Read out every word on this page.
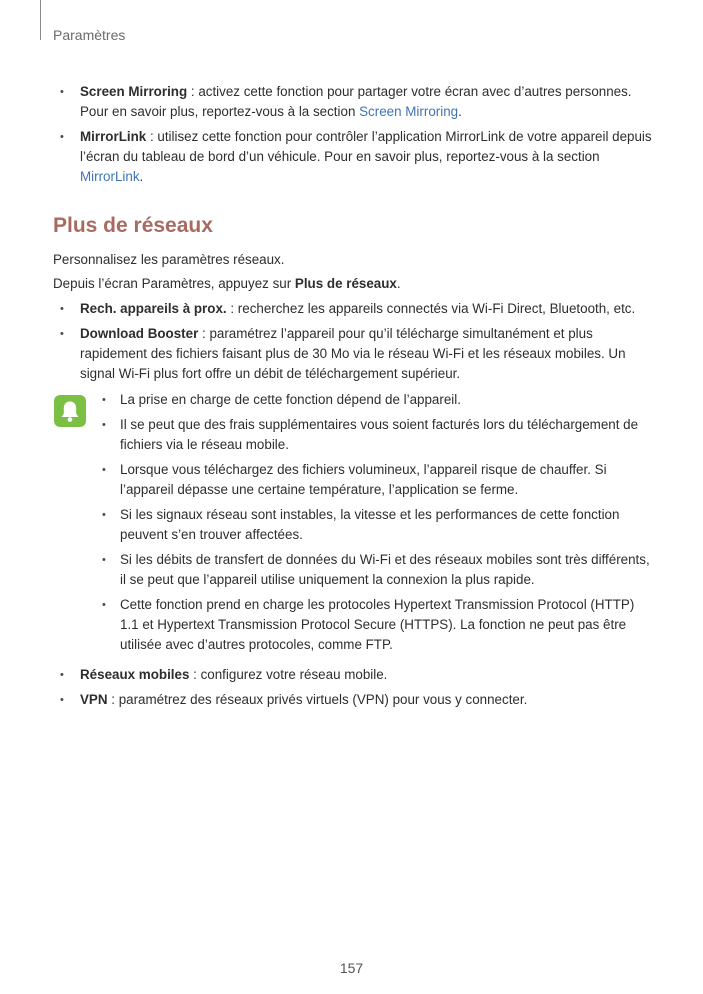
Paramètres
• Screen Mirroring : activez cette fonction pour partager votre écran avec d’autres personnes. Pour en savoir plus, reportez-vous à la section Screen Mirroring.
• MirrorLink : utilisez cette fonction pour contrôler l’application MirrorLink de votre appareil depuis l’écran du tableau de bord d’un véhicule. Pour en savoir plus, reportez-vous à la section MirrorLink.
Plus de réseaux

Personnalisez les paramètres réseaux.

Depuis l’écran Paramètres, appuyez sur Plus de réseaux.

• Rech. appareils à prox. : recherchez les appareils connectés via Wi-Fi Direct, Bluetooth, etc.
• Download Booster : paramétrez l’appareil pour qu’il télécharge simultanément et plus rapidement des fichiers faisant plus de 30 Mo via le réseau Wi-Fi et les réseaux mobiles. Un signal Wi-Fi plus fort offre un débit de téléchargement supérieur.
• La prise en charge de cette fonction dépend de l’appareil.
• Il se peut que des frais supplémentaires vous soient facturés lors du téléchargement de fichiers via le réseau mobile.
• Lorsque vous téléchargez des fichiers volumineux, l’appareil risque de chauffer. Si l’appareil dépasse une certaine température, l’application se ferme.
• Si les signaux réseau sont instables, la vitesse et les performances de cette fonction peuvent s’en trouver affectées.
• Si les débits de transfert de données du Wi-Fi et des réseaux mobiles sont très différents, il se peut que l’appareil utilise uniquement la connexion la plus rapide.
• Cette fonction prend en charge les protocoles Hypertext Transmission Protocol (HTTP) 1.1 et Hypertext Transmission Protocol Secure (HTTPS). La fonction ne peut pas être utilisée avec d’autres protocoles, comme FTP.
• Réseaux mobiles : configurez votre réseau mobile.
• VPN : paramétrez des réseaux privés virtuels (VPN) pour vous y connecter.
157
